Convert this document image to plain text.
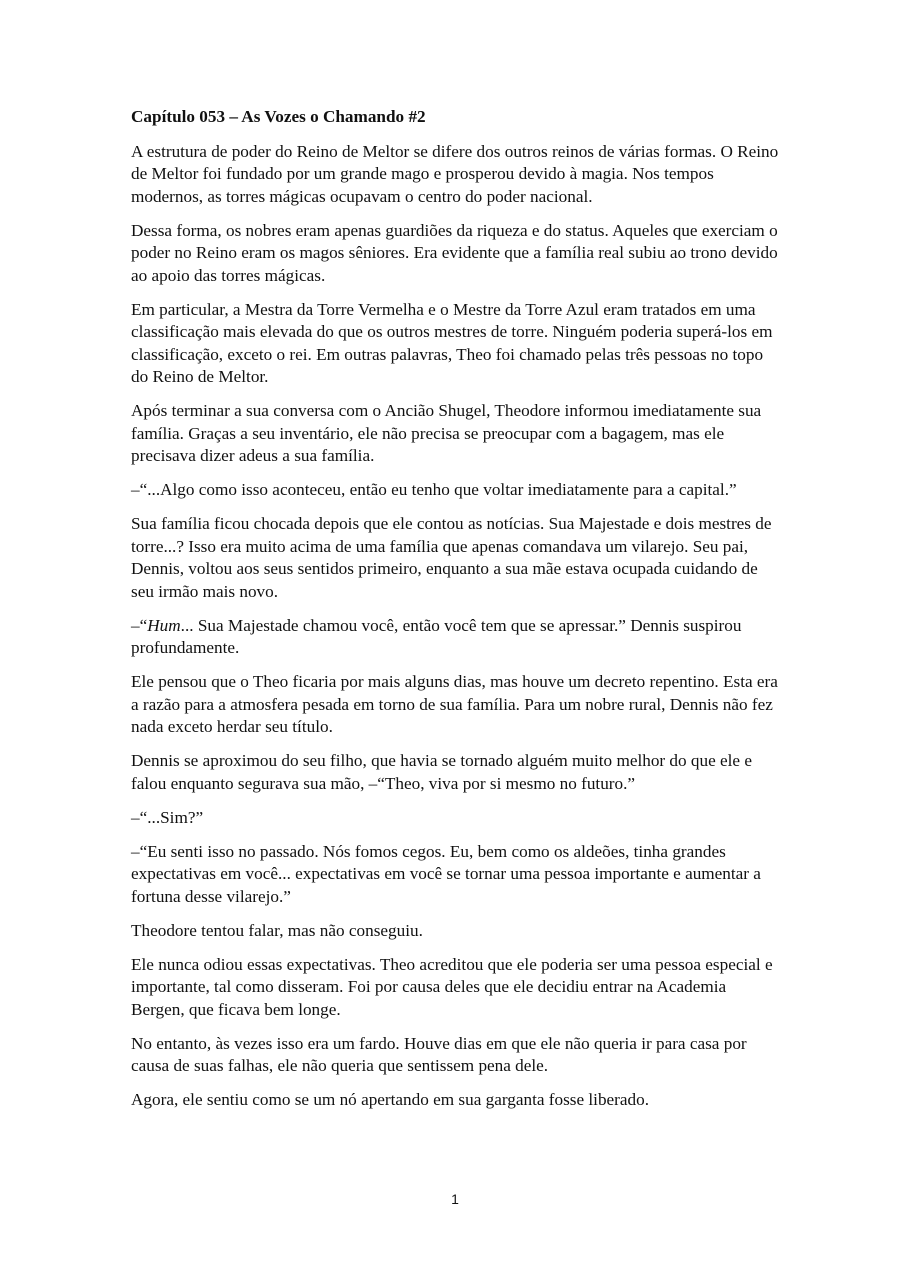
Capítulo 053 – As Vozes o Chamando #2

A estrutura de poder do Reino de Meltor se difere dos outros reinos de várias formas. O Reino de Meltor foi fundado por um grande mago e prosperou devido à magia. Nos tempos modernos, as torres mágicas ocupavam o centro do poder nacional.

Dessa forma, os nobres eram apenas guardiões da riqueza e do status. Aqueles que exerciam o poder no Reino eram os magos sêniores. Era evidente que a família real subiu ao trono devido ao apoio das torres mágicas.

Em particular, a Mestra da Torre Vermelha e o Mestre da Torre Azul eram tratados em uma classificação mais elevada do que os outros mestres de torre. Ninguém poderia superá-los em classificação, exceto o rei. Em outras palavras, Theo foi chamado pelas três pessoas no topo do Reino de Meltor.

Após terminar a sua conversa com o Ancião Shugel, Theodore informou imediatamente sua família. Graças a seu inventário, ele não precisa se preocupar com a bagagem, mas ele precisava dizer adeus a sua família.

–“...Algo como isso aconteceu, então eu tenho que voltar imediatamente para a capital.”

Sua família ficou chocada depois que ele contou as notícias. Sua Majestade e dois mestres de torre...? Isso era muito acima de uma família que apenas comandava um vilarejo. Seu pai, Dennis, voltou aos seus sentidos primeiro, enquanto a sua mãe estava ocupada cuidando de seu irmão mais novo.

–“Hum... Sua Majestade chamou você, então você tem que se apressar.” Dennis suspirou profundamente.

Ele pensou que o Theo ficaria por mais alguns dias, mas houve um decreto repentino. Esta era a razão para a atmosfera pesada em torno de sua família. Para um nobre rural, Dennis não fez nada exceto herdar seu título.

Dennis se aproximou do seu filho, que havia se tornado alguém muito melhor do que ele e falou enquanto segurava sua mão, –“Theo, viva por si mesmo no futuro.”

–“...Sim?”

–“Eu senti isso no passado. Nós fomos cegos. Eu, bem como os aldeões, tinha grandes expectativas em você... expectativas em você se tornar uma pessoa importante e aumentar a fortuna desse vilarejo.”

Theodore tentou falar, mas não conseguiu.

Ele nunca odiou essas expectativas. Theo acreditou que ele poderia ser uma pessoa especial e importante, tal como disseram. Foi por causa deles que ele decidiu entrar na Academia Bergen, que ficava bem longe.

No entanto, às vezes isso era um fardo. Houve dias em que ele não queria ir para casa por causa de suas falhas, ele não queria que sentissem pena dele.

Agora, ele sentiu como se um nó apertando em sua garganta fosse liberado.

1
